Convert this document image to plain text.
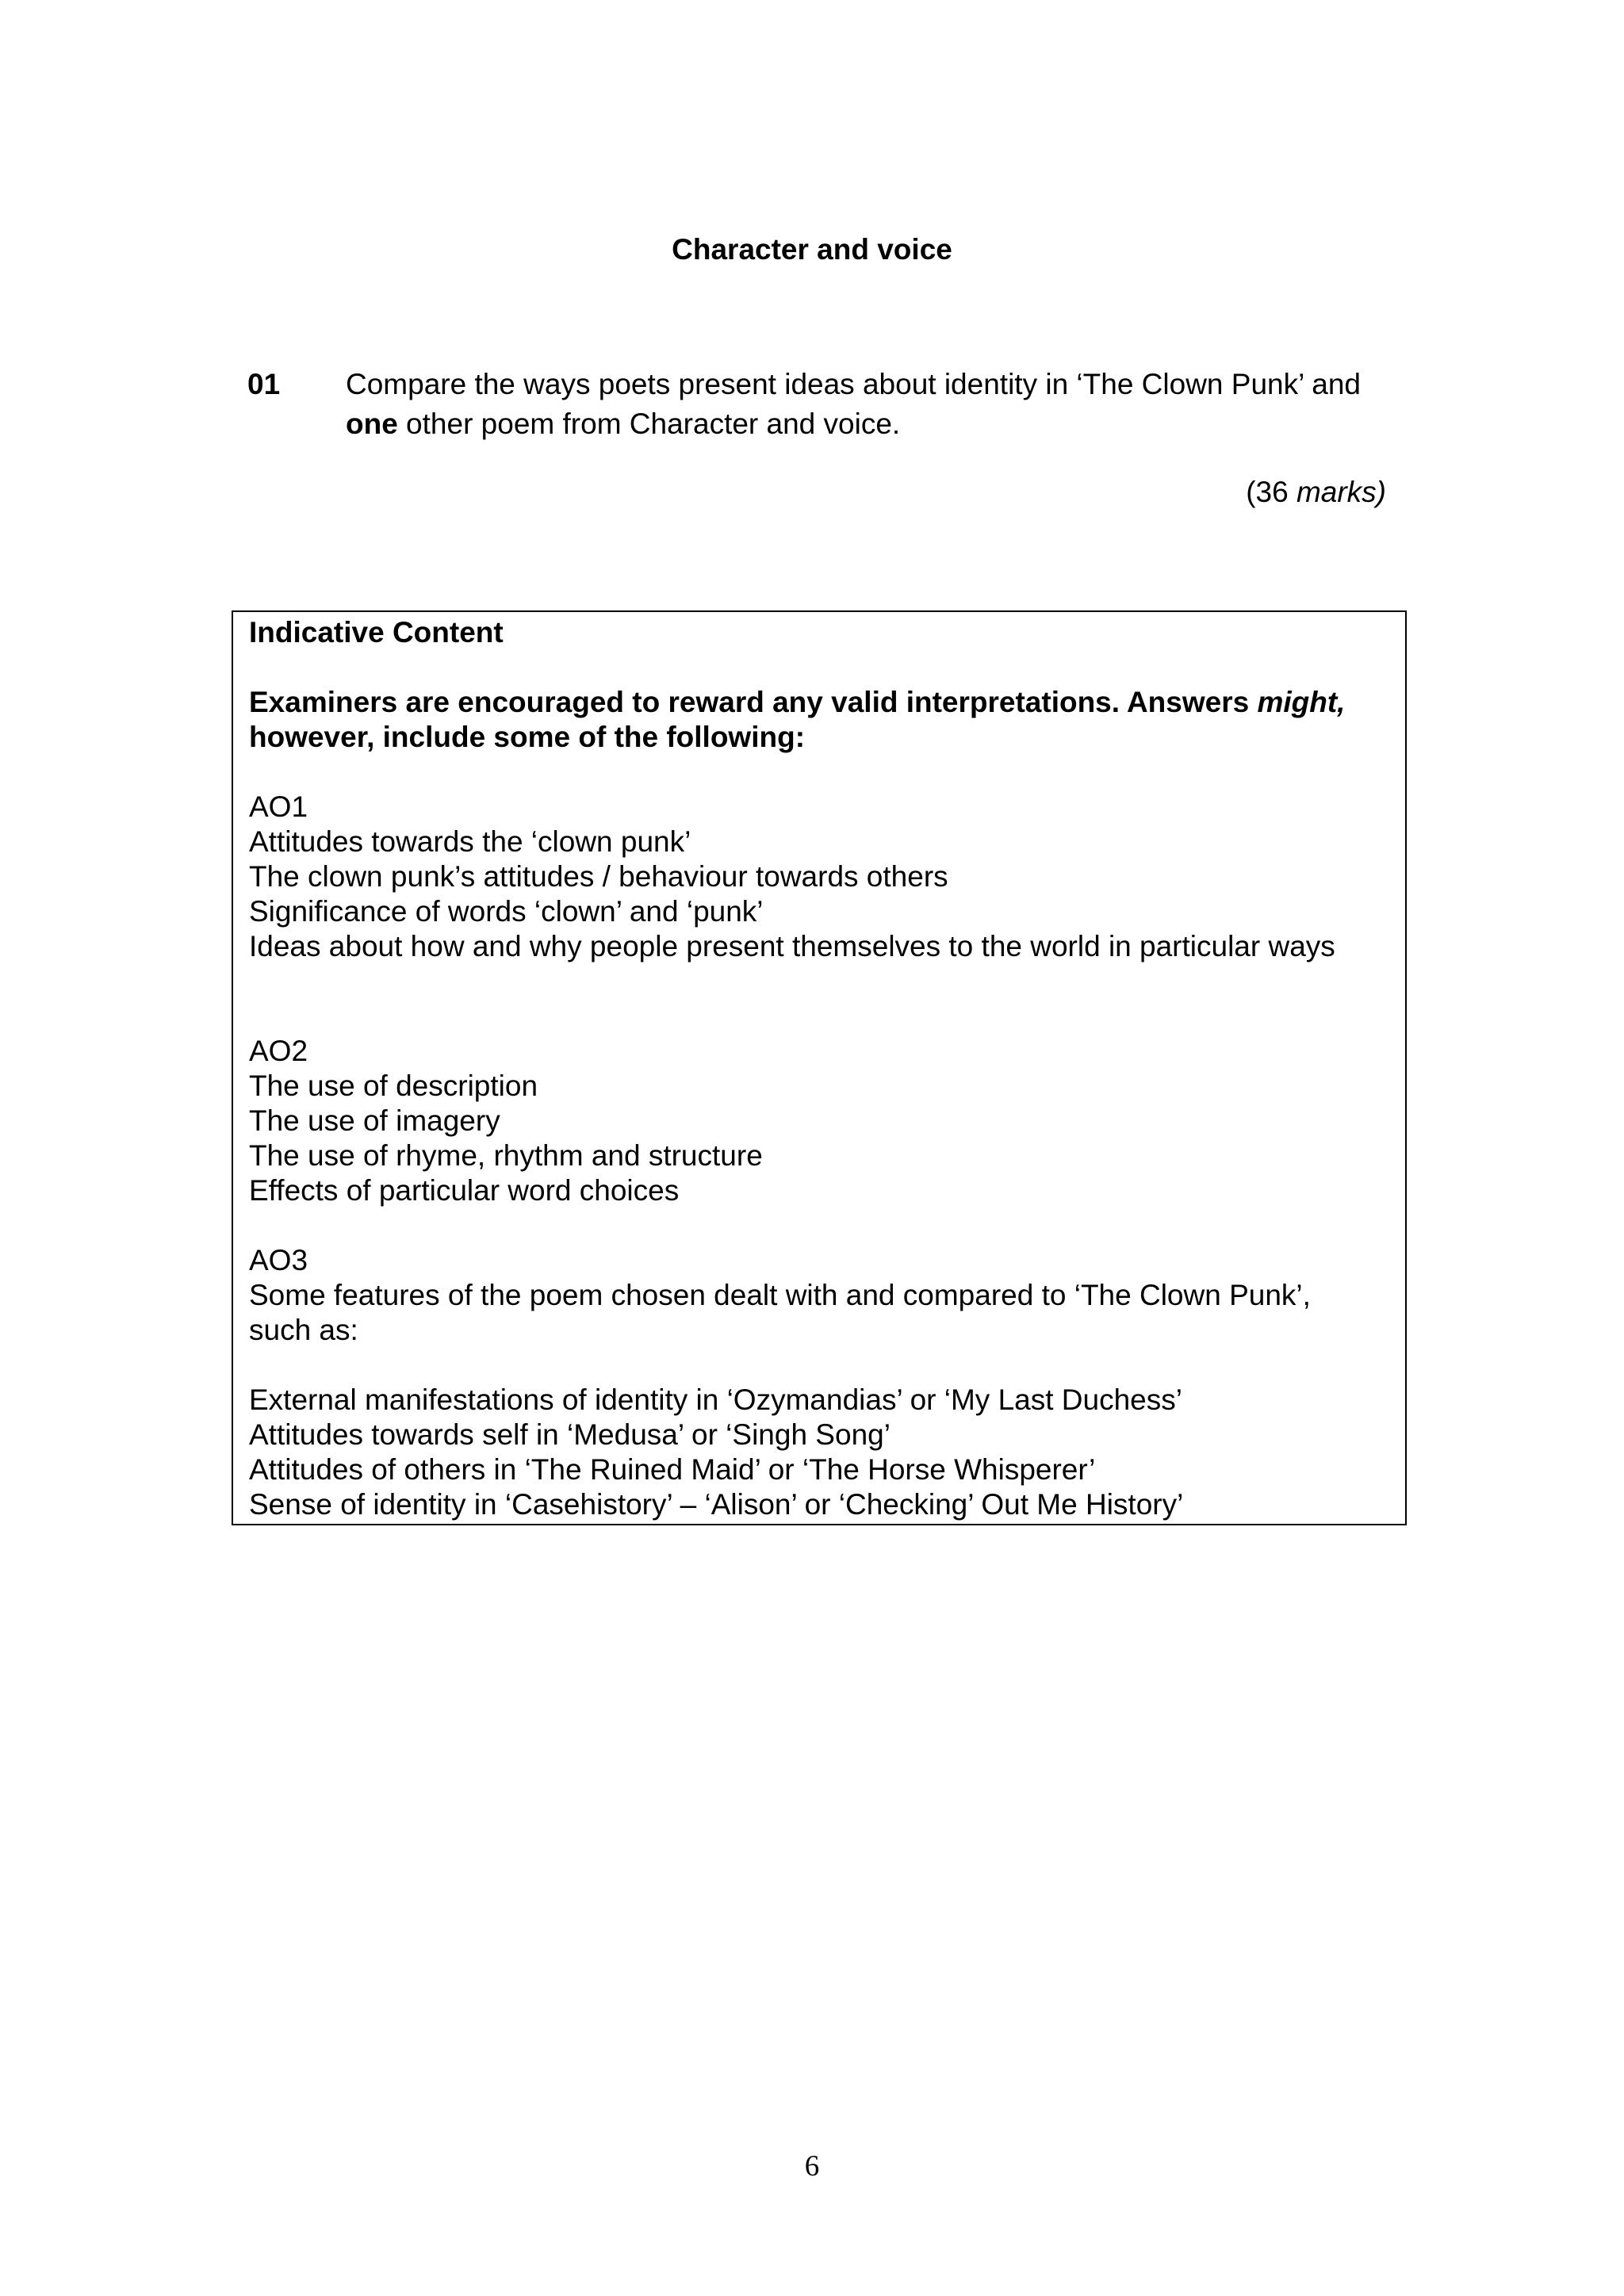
Character and voice
01 Compare the ways poets present ideas about identity in ‘The Clown Punk’ and one other poem from Character and voice.
(36 marks)
Indicative Content
Examiners are encouraged to reward any valid interpretations. Answers might,
however, include some of the following:
AO1
Attitudes towards the ‘clown punk’
The clown punk’s attitudes / behaviour towards others
Significance of words ‘clown’ and ‘punk’
Ideas about how and why people present themselves to the world in particular ways
AO2
The use of description
The use of imagery
The use of rhyme, rhythm and structure
Effects of particular word choices
AO3
Some features of the poem chosen dealt with and compared to ‘The Clown Punk’,
such as:
External manifestations of identity in ‘Ozymandias’ or ‘My Last Duchess’
Attitudes towards self in ‘Medusa’ or ‘Singh Song’
Attitudes of others in ‘The Ruined Maid’ or ‘The Horse Whisperer’
Sense of identity in ‘Casehistory’ – ‘Alison’ or ‘Checking’ Out Me History’
6
